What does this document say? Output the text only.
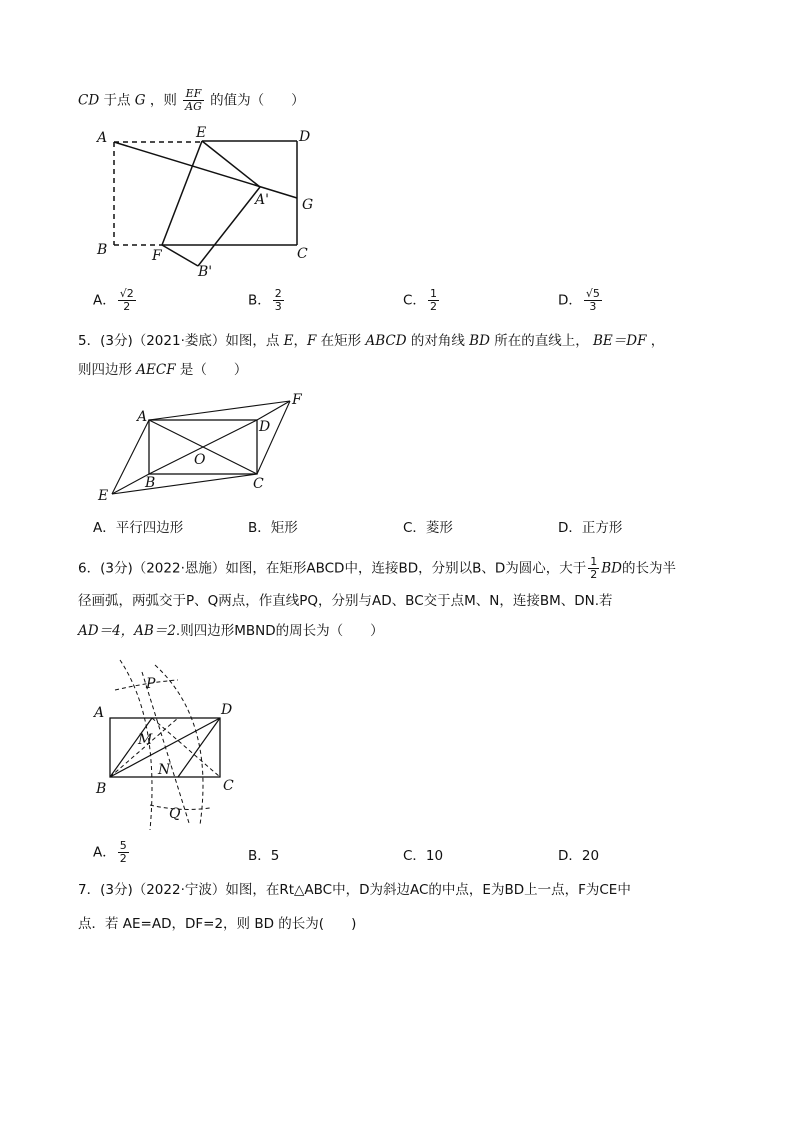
CD 于点 G ，则 $\frac{EF}{AG}$ 的值为（　　）
A	E	D
A' G
B	F	C
B'
A． $\frac{√2}{2}$	B． $\frac{2}{3}$	C． $\frac{1}{2}$	D． $\frac{√5}{3}$
5．(3分)（2021·娄底）如图，点 E，F 在矩形 ABCD 的对角线 BD 所在的直线上， BE＝DF ，
则四边形 AECF 是（　　）
A
F
D
O
E
B	C
A．平行四边形	B．矩形	C．菱形	D．正方形
6．(3分)（2022·恩施）如图，在矩形ABCD中，连接BD，分别以B、D为圆心，大于 $\frac{1}{2}$ BD的长为半
径画弧，两弧交于P、Q两点，作直线PQ，分别与AD、BC交于点M、N，连接BM、DN.若
AD＝4，AB＝2.则四边形MBND的周长为（　　）
P
A	D
M
N
B	C
Q
A． $\frac{5}{2}$	B．5	C．10	D．20
7．(3分)（2022·宁波）如图，在Rt△ABC中，D为斜边AC的中点，E为BD上一点，F为CE中
点．若 AE=AD，DF=2，则 BD 的长为(　　)
